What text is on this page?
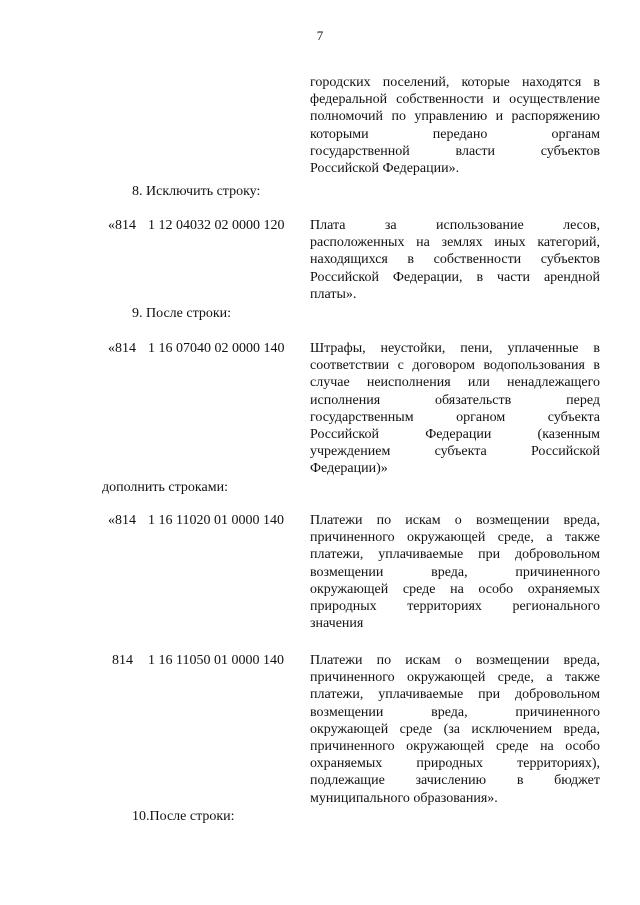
7
городских поселений, которые находятся в
федеральной собственности и осуществление
полномочий по управлению и распоряжению
которыми передано органам
государственной власти субъектов
Российской Федерации».
8. Исключить строку:
«814 1 12 04032 02 0000 120 Плата за использование лесов,
расположенных на землях иных категорий,
находящихся в собственности субъектов
Российской Федерации, в части арендной
платы».
9. После строки:
«814 1 16 07040 02 0000 140 Штрафы, неустойки, пени, уплаченные в
соответствии с договором водопользования в
случае неисполнения или ненадлежащего
исполнения обязательств перед
государственным органом субъекта
Российской Федерации (казенным
учреждением субъекта Российской
Федерации)»
дополнить строками:
«814 1 16 11020 01 0000 140 Платежи по искам о возмещении вреда,
причиненного окружающей среде, а также
платежи, уплачиваемые при добровольном
возмещении вреда, причиненного
окружающей среде на особо охраняемых
природных территориях регионального
значения
814 1 16 11050 01 0000 140 Платежи по искам о возмещении вреда,
причиненного окружающей среде, а также
платежи, уплачиваемые при добровольном
возмещении вреда, причиненного
окружающей среде (за исключением вреда,
причиненного окружающей среде на особо
охраняемых природных территориях),
подлежащие зачислению в бюджет
муниципального образования».
10.После строки:
